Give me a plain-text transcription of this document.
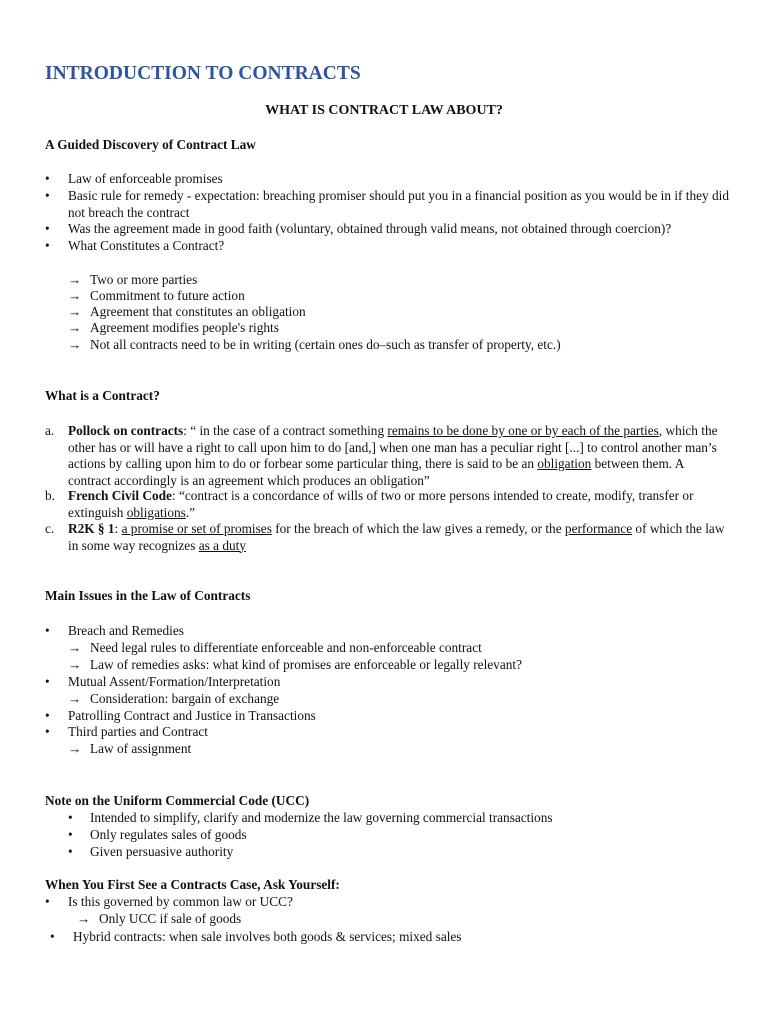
INTRODUCTION TO CONTRACTS
WHAT IS CONTRACT LAW ABOUT?
A Guided Discovery of Contract Law
• Law of enforceable promises
• Basic rule for remedy - expectation: breaching promiser should put you in a financial position as you would be in if they did not breach the contract
• Was the agreement made in good faith (voluntary, obtained through valid means, not obtained through coercion)?
• What Constitutes a Contract?
→ Two or more parties
→ Commitment to future action
→ Agreement that constitutes an obligation
→ Agreement modifies people's rights
→ Not all contracts need to be in writing (certain ones do–such as transfer of property, etc.)
What is a Contract?
a. Pollock on contracts: “ in the case of a contract something remains to be done by one or by each of the parties, which the other has or will have a right to call upon him to do [and,] when one man has a peculiar right [...] to control another man’s actions by calling upon him to do or forbear some particular thing, there is said to be an obligation between them. A contract accordingly is an agreement which produces an obligation”
b. French Civil Code: “contract is a concordance of wills of two or more persons intended to create, modify, transfer or extinguish obligations.”
c. R2K § 1: a promise or set of promises for the breach of which the law gives a remedy, or the performance of which the law in some way recognizes as a duty
Main Issues in the Law of Contracts
• Breach and Remedies
→ Need legal rules to differentiate enforceable and non-enforceable contract
→ Law of remedies asks: what kind of promises are enforceable or legally relevant?
• Mutual Assent/Formation/Interpretation
→ Consideration: bargain of exchange
• Patrolling Contract and Justice in Transactions
• Third parties and Contract
→ Law of assignment
Note on the Uniform Commercial Code (UCC)
• Intended to simplify, clarify and modernize the law governing commercial transactions
• Only regulates sales of goods
• Given persuasive authority
When You First See a Contracts Case, Ask Yourself:
• Is this governed by common law or UCC?
→ Only UCC if sale of goods
• Hybrid contracts: when sale involves both goods & services; mixed sales
